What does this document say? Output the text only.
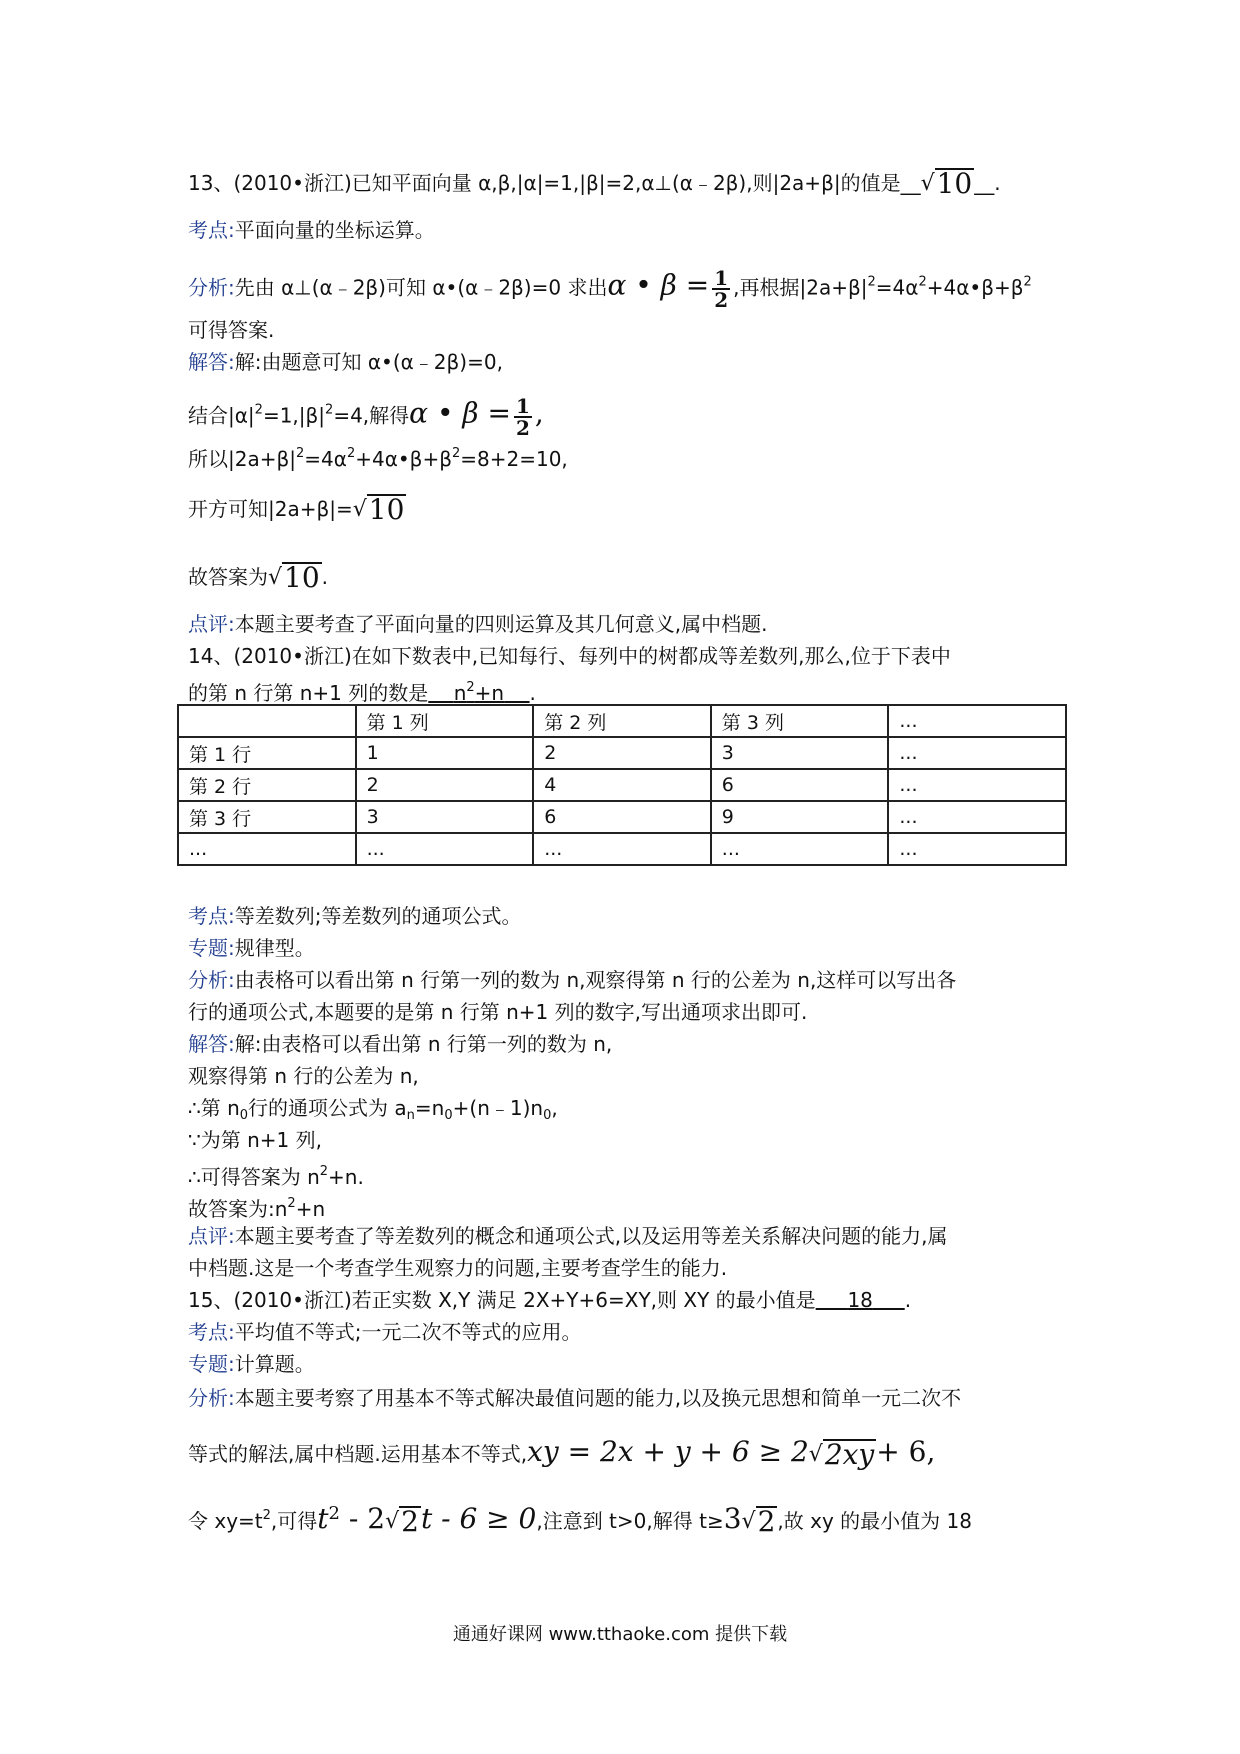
13、(2010•浙江)已知平面向量 α,β,|α|=1,|β|=2,α⊥(α﹣2β),则|2a+β|的值是__ √ 10 __.
考点:平面向量的坐标运算。
分析:先由 α⊥(α﹣2β)可知 α•(α﹣2β)=0 求出α • $\beta = \frac{1}{2}$ ,再根据$|2a+\beta|^2=4\alpha^2+4\alpha•\beta+\beta^2$
可得答案.
解答:解:由题意可知 α•(α﹣2β)=0,
结合$|\alpha|^2=1,|\beta|^2=4$,解得α • $\beta = \frac{1}{2}$ ,
所以$|2a+\beta|^2=4\alpha^2+4\alpha•\beta+\beta^2=8+2=10$,
开方可知|2a+β|= √ 10
故答案为 √ 10 .
点评:本题主要考查了平面向量的四则运算及其几何意义,属中档题.
14、(2010•浙江)在如下数表中,已知每行、每列中的树都成等差数列,那么,位于下表中
的第 n 行第 n+1 列的数是 $n^2+n$ .
	第 1 列	第 2 列	第 3 列	...
第 1 行	1	2	3	...
第 2 行	2	4	6	...
第 3 行	3	6	9	...
...	...	...	...	...
考点:等差数列;等差数列的通项公式。
专题:规律型。
分析:由表格可以看出第 n 行第一列的数为 n,观察得第 n 行的公差为 n,这样可以写出各
行的通项公式,本题要的是第 n 行第 n+1 列的数字,写出通项求出即可.
解答:解:由表格可以看出第 n 行第一列的数为 n,
观察得第 n 行的公差为 n,
∴第 $n_0$行的通项公式为 $a_n=n_0+(n﹣1)n_0$,
∵为第 n+1 列,
∴可得答案为 $n^2+n$.
故答案为$:n^2+n$
点评:本题主要考查了等差数列的概念和通项公式,以及运用等差关系解决问题的能力,属
中档题.这是一个考查学生观察力的问题,主要考查学生的能力.
15、(2010•浙江)若正实数 X,Y 满足 2X+Y+6=XY,则 XY 的最小值是 18 .
考点:平均值不等式;一元二次不等式的应用。
专题:计算题。
分析:本题主要考察了用基本不等式解决最值问题的能力,以及换元思想和简单一元二次不
等式的解法,属中档题.运用基本不等式,xy = 2x + y + 6 ≥ 2 √ 2xy + 6,
令 $xy=t^2$,可得$t^2 - 2$ √ 2 t - 6 ≥ 0,注意到 t>0,解得 t≥3 √ 2 ,故 xy 的最小值为 18
通通好课网 www.tthaoke.com 提供下载
